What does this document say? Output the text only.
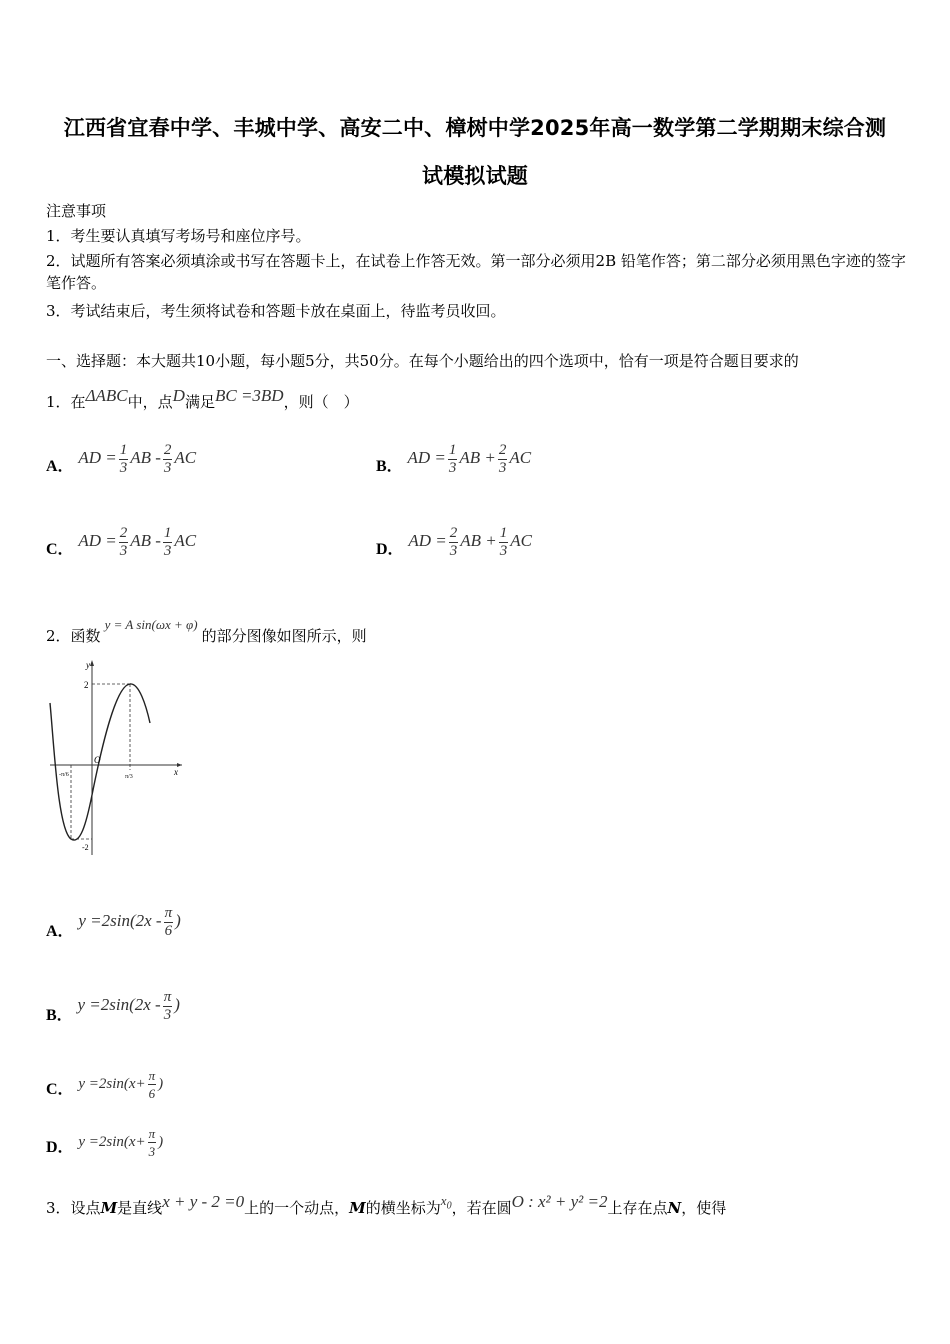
江西省宜春中学、丰城中学、高安二中、樟树中学2025年高一数学第二学期期末综合测
试模拟试题
注意事项
1．考生要认真填写考场号和座位序号。
2．试题所有答案必须填涂或书写在答题卡上，在试卷上作答无效。第一部分必须用2B 铅笔作答；第二部分必须用黑色字迹的签字笔作答。
3．考试结束后，考生须将试卷和答题卡放在桌面上，待监考员收回。
一、选择题：本大题共10小题，每小题5分，共50分。在每个小题给出的四个选项中，恰有一项是符合题目要求的
1．在ΔABC中，点D满足BC =3BD，则（　）
A． AD = $\frac{1}{3}$ AB - $\frac{2}{3}$ AC	B． AD = $\frac{1}{3}$ AB + $\frac{2}{3}$ AC
C． AD = $\frac{2}{3}$ AB - $\frac{1}{3}$ AC	D． AD = $\frac{2}{3}$ AB + $\frac{1}{3}$ AC
2．函数y = A sin(ωx + φ)的部分图像如图所示，则
y
x
2
-2
O
-π/6	π/3
A． $y =2\sin(2x - \frac{\pi}{6}$ )
B． $y =2\sin(2x - \frac{\pi}{3}$ )
C． $y =2\sin(x+ \frac{\pi}{6}$ )
D． $y =2\sin(x+ \frac{\pi}{3}$ )
3．设点M是直线x + y - 2 =0上的一个动点，M的横坐标为$x_0$，若在圆O : x² + y² =2上存在点N，使得
